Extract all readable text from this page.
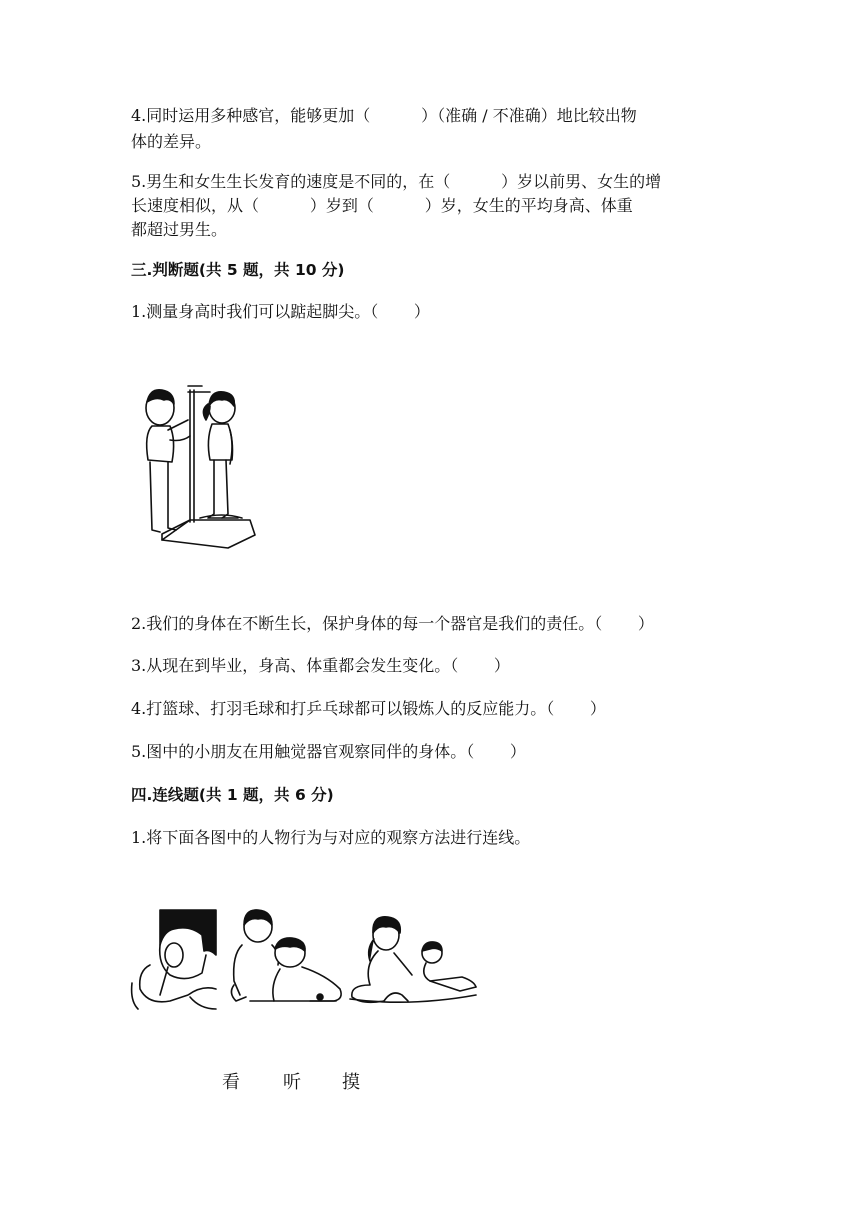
4.同时运用多种感官，能够更加（          ）（准确 / 不准确）地比较出物
体的差异。
5.男生和女生生长发育的速度是不同的，在（          ）岁以前男、女生的增
长速度相似，从（          ）岁到（          ）岁，女生的平均身高、体重
都超过男生。
三.判断题(共 5 题，共 10 分)
1.测量身高时我们可以踮起脚尖。（       ）
2.我们的身体在不断生长，保护身体的每一个器官是我们的责任。（       ）
3.从现在到毕业，身高、体重都会发生变化。（       ）
4.打篮球、打羽毛球和打乒乓球都可以锻炼人的反应能力。（       ）
5.图中的小朋友在用触觉器官观察同伴的身体。（       ）
四.连线题(共 1 题，共 6 分)
1.将下面各图中的人物行为与对应的观察方法进行连线。
看 听 摸
